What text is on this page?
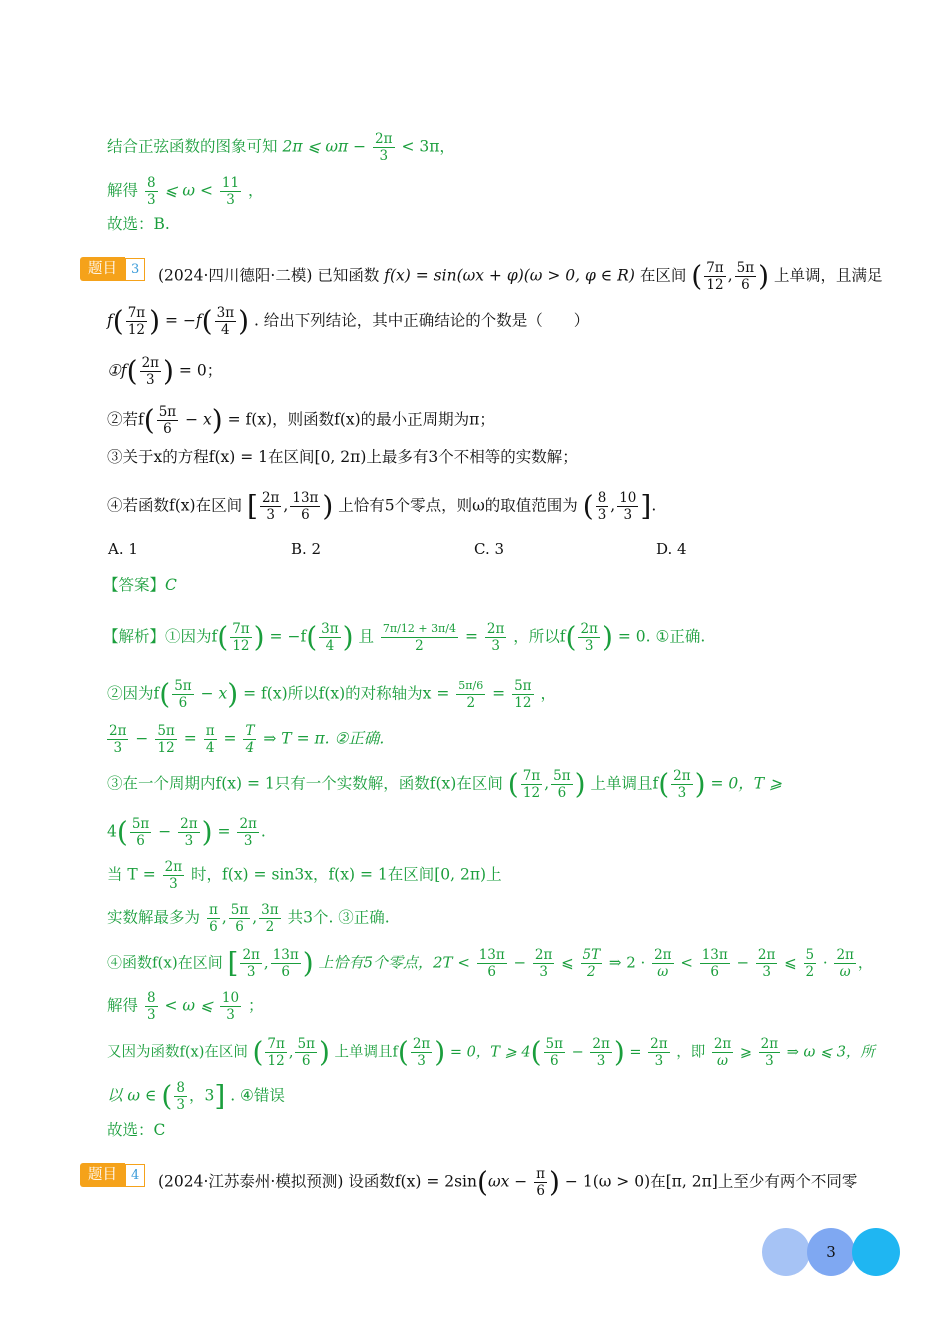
结合正弦函数的图象可知 2π ⩽ $\omega\pi - \frac{2\pi}{3} < 3\pi$，
解得 $\frac{8}{3}$ ⩽ $\omega < \frac{11}{3}$ ，
故选：B.
题目	3	(2024·四川德阳·二模) 已知函数 f(x) = sin(ωx + φ)(ω > 0, φ ∈ R) 在区间 ( $\frac{7\pi}{12}$ , $\frac{5\pi}{6}$ ) 上单调，且满足
$f( \frac{7\pi}{12}$ ) = $-f( \frac{3\pi}{4}$ ) . 给出下列结论，其中正确结论的个数是（　　）
①f( $\frac{2\pi}{3}$ ) = 0；
②若$f( \frac{5\pi}{6} - x) = f(x)$，则函数f(x)的最小正周期为π；
③关于x的方程f(x) = 1在区间[0, 2π)上最多有3个不相等的实数解；
④若函数f(x)在区间 [ $\frac{2\pi}{3}$ , $\frac{13\pi}{6}$ ) 上恰有5个零点，则ω的取值范围为 ( $\frac{8}{3}$ , $\frac{10}{3}$ ].
A. 1	B. 2	C. 3	D. 4
【答案】C
【解析】①因为$f( \frac{7\pi}{12}$ ) = $-f( \frac{3\pi}{4}$ ) 且 $\frac{7\pi/12 + 3\pi/4}{2} = \frac{2\pi}{3}$ ，所以$f( \frac{2\pi}{3}$ ) = 0. ①正确.
②因为$f( \frac{5\pi}{6} - x) = f(x)$所以f(x)的对称轴为$x = \frac{5\pi/6}{2} = \frac{5\pi}{12}$ ，
$\frac{2\pi}{3} - \frac{5\pi}{12} = \frac{\pi}{4} = \frac{T}{4}$ ⇒ T = π. ②正确.
③在一个周期内f(x) = 1只有一个实数解，函数f(x)在区间 ( $\frac{7\pi}{12}$ , $\frac{5\pi}{6}$ ) 上单调且$f( \frac{2\pi}{3}$ ) = 0，T ⩾
$4( \frac{5\pi}{6} - \frac{2\pi}{3}$ ) = $\frac{2\pi}{3}$ .
当 $T = \frac{2\pi}{3}$ 时，f(x) = sin3x，f(x) = 1在区间[0, 2π)上
实数解最多为 $\frac{\pi}{6}$ , $\frac{5\pi}{6}$ , $\frac{3\pi}{2}$ 共3个. ③正确.
④函数f(x)在区间 [ $\frac{2\pi}{3}$ , $\frac{13\pi}{6}$ ) 上恰有5个零点，$2T < \frac{13\pi}{6} - \frac{2\pi}{3}$ ⩽ $\frac{5T}{2}$ ⇒ $2 \cdot \frac{2\pi}{\omega} < \frac{13\pi}{6} - \frac{2\pi}{3}$ ⩽ $\frac{5}{2} \cdot \frac{2\pi}{\omega}$ ，
解得 $\frac{8}{3} < \omega$ ⩽ $\frac{10}{3}$ ；
又因为函数f(x)在区间 ( $\frac{7\pi}{12}$ , $\frac{5\pi}{6}$ ) 上单调且$f( \frac{2\pi}{3}$ ) = 0，T ⩾ $4( \frac{5\pi}{6} - \frac{2\pi}{3}$ ) = $\frac{2\pi}{3}$ ，即 $\frac{2\pi}{\omega}$ ⩾ $\frac{2\pi}{3}$ ⇒ ω ⩽ 3，所
以 ω ∈ ( $\frac{8}{3}$ ，3] . ④错误
故选：C
题目	4	(2024·江苏泰州·模拟预测) 设函数$f(x) = 2\sin(\omega x - \frac{\pi}{6}$ ) − 1(ω > 0)在[π, 2π]上至少有两个不同零
3
